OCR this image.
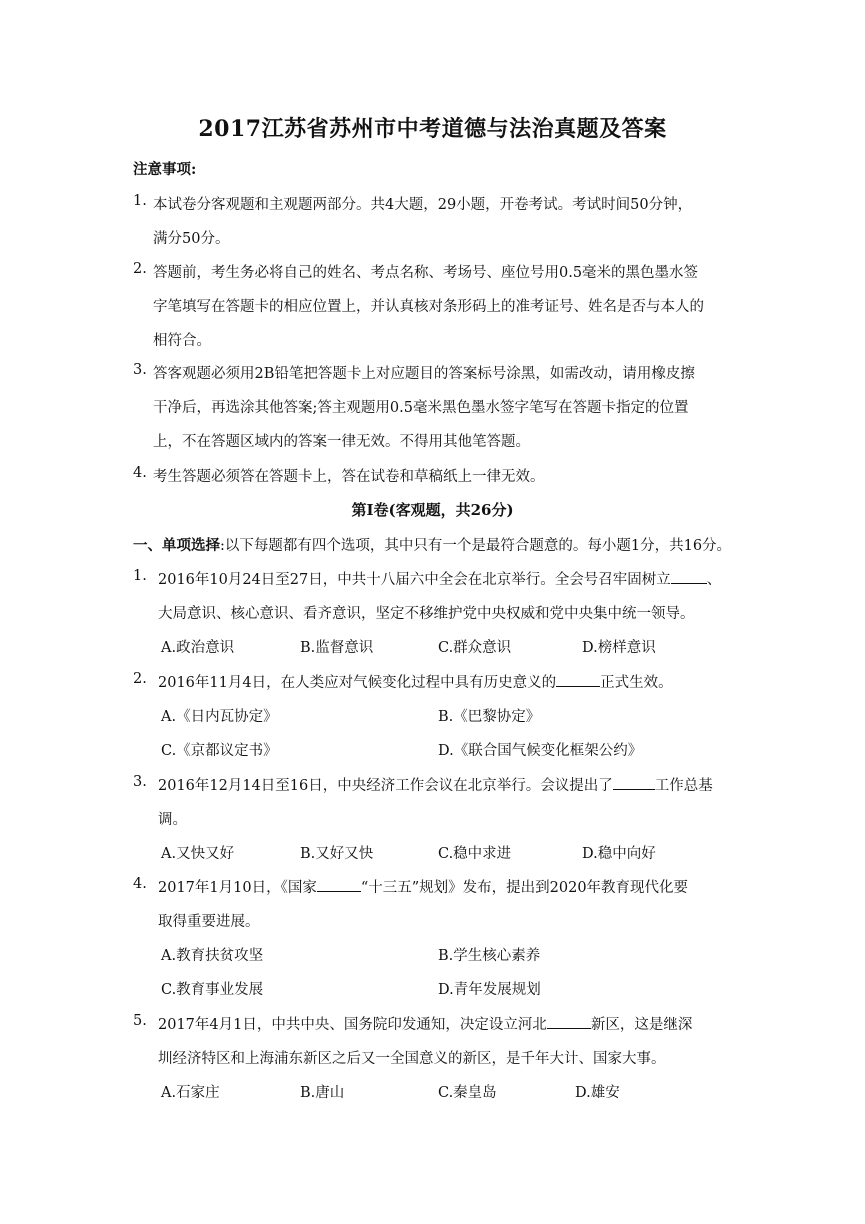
2017江苏省苏州市中考道德与法治真题及答案
注意事项:
1. 本试卷分客观题和主观题两部分。共4大题，29小题，开卷考试。考试时间50分钟，
满分50分。
2. 答题前，考生务必将自己的姓名、考点名称、考场号、座位号用0.5毫米的黑色墨水签
字笔填写在答题卡的相应位置上，并认真核对条形码上的准考证号、姓名是否与本人的
相符合。
3. 答客观题必须用2B铅笔把答题卡上对应题目的答案标号涂黑，如需改动，请用橡皮擦
干净后，再选涂其他答案;答主观题用0.5毫米黑色墨水签字笔写在答题卡指定的位置
上，不在答题区域内的答案一律无效。不得用其他笔答题。
4. 考生答题必须答在答题卡上，答在试卷和草稿纸上一律无效。
第Ⅰ卷(客观题，共26分)
一、单项选择:以下每题都有四个选项，其中只有一个是最符合题意的。每小题1分，共16分。
1. 2016年10月24日至27日，中共十八届六中全会在北京举行。全会号召牢固树立 、
大局意识、核心意识、看齐意识，坚定不移维护党中央权威和党中央集中统一领导。
A.政治意识	B.监督意识	C.群众意识	D.榜样意识
2. 2016年11月4日，在人类应对气候变化过程中具有历史意义的	正式生效。
A.《日内瓦协定》	B.《巴黎协定》
C.《京都议定书》	D.《联合国气候变化框架公约》
3. 2016年12月14日至16日，中央经济工作会议在北京举行。会议提出了	工作总基
调。
A.又快又好	B.又好又快	C.稳中求进	D.稳中向好
4. 2017年1月10日，《国家	“十三五”规划》发布，提出到2020年教育现代化要
取得重要进展。
A.教育扶贫攻坚	B.学生核心素养
C.教育事业发展	D.青年发展规划
5. 2017年4月1日，中共中央、国务院印发通知，决定设立河北	新区，这是继深
圳经济特区和上海浦东新区之后又一全国意义的新区，是千年大计、国家大事。
A.石家庄	B.唐山	C.秦皇岛	D.雄安
